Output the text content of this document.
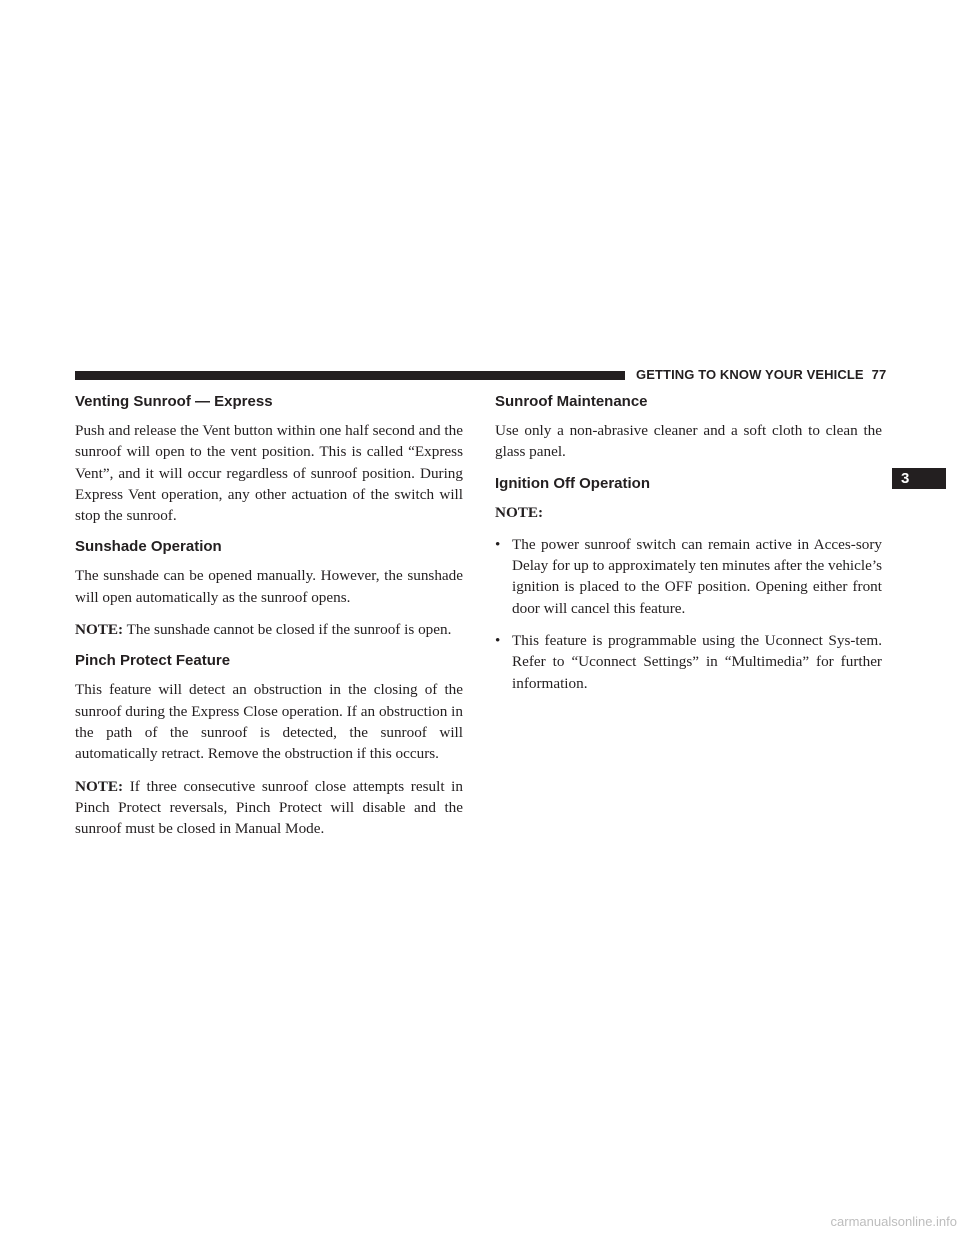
GETTING TO KNOW YOUR VEHICLE 77
3
Venting Sunroof — Express

Push and release the Vent button within one half second and the sunroof will open to the vent position. This is called “Express Vent”, and it will occur regardless of sunroof position. During Express Vent operation, any other actuation of the switch will stop the sunroof.

Sunshade Operation

The sunshade can be opened manually. However, the sunshade will open automatically as the sunroof opens.

NOTE: The sunshade cannot be closed if the sunroof is open.

Pinch Protect Feature

This feature will detect an obstruction in the closing of the sunroof during the Express Close operation. If an obstruction in the path of the sunroof is detected, the sunroof will automatically retract. Remove the obstruction if this occurs.

NOTE: If three consecutive sunroof close attempts result in Pinch Protect reversals, Pinch Protect will disable and the sunroof must be closed in Manual Mode.

Sunroof Maintenance

Use only a non-abrasive cleaner and a soft cloth to clean the glass panel.

Ignition Off Operation

NOTE:

• The power sunroof switch can remain active in Acces-sory Delay for up to approximately ten minutes after the vehicle’s ignition is placed to the OFF position. Opening either front door will cancel this feature.
• This feature is programmable using the Uconnect Sys-tem. Refer to “Uconnect Settings” in “Multimedia” for further information.
carmanualsonline.info
